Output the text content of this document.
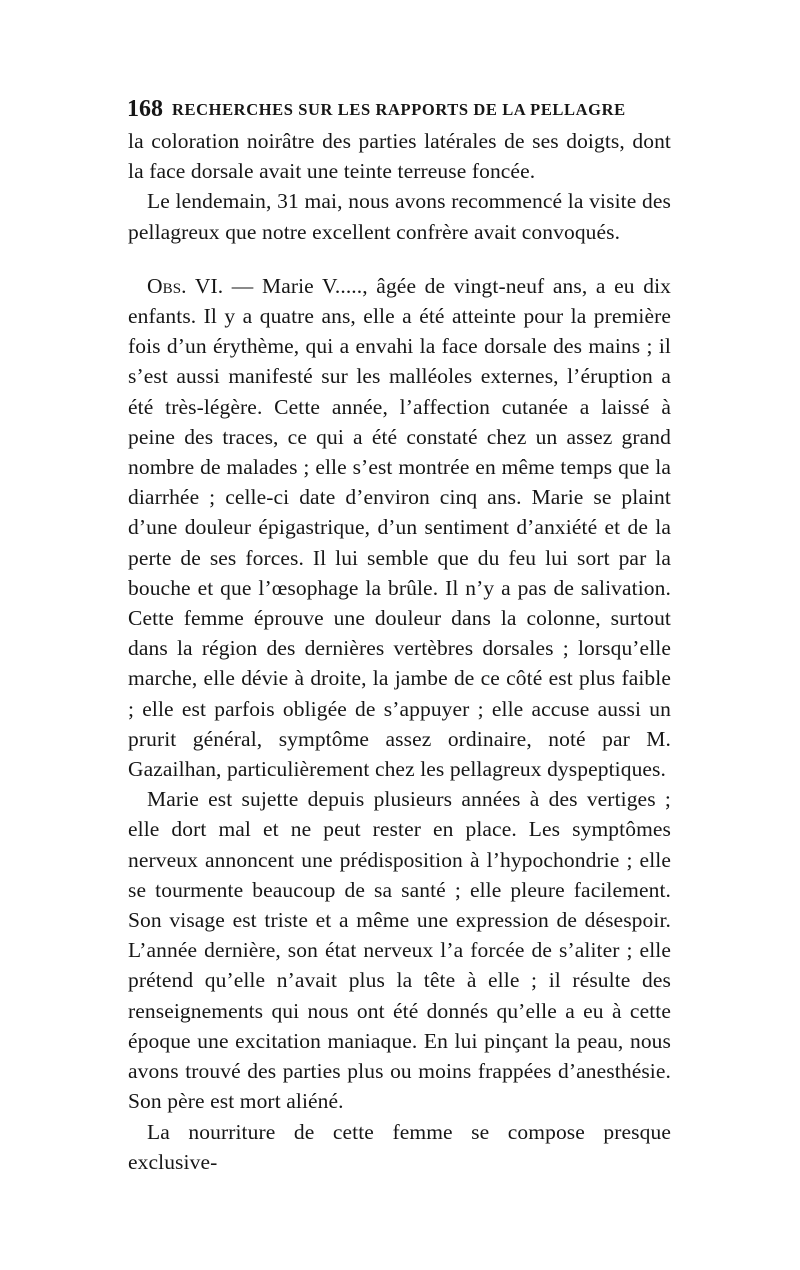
168 RECHERCHES SUR LES RAPPORTS DE LA PELLAGRE

la coloration noirâtre des parties latérales de ses doigts, dont la face dorsale avait une teinte terreuse foncée.

Le lendemain, 31 mai, nous avons recommencé la visite des pellagreux que notre excellent confrère avait convoqués.

Obs. VI. — Marie V....., âgée de vingt-neuf ans, a eu dix enfants. Il y a quatre ans, elle a été atteinte pour la première fois d’un érythème, qui a envahi la face dorsale des mains ; il s’est aussi manifesté sur les malléoles externes, l’éruption a été très-légère. Cette année, l’affection cutanée a laissé à peine des traces, ce qui a été constaté chez un assez grand nombre de malades ; elle s’est montrée en même temps que la diarrhée ; celle-ci date d’environ cinq ans. Marie se plaint d’une douleur épigastrique, d’un sentiment d’anxiété et de la perte de ses forces. Il lui semble que du feu lui sort par la bouche et que l’œsophage la brûle. Il n’y a pas de salivation. Cette femme éprouve une douleur dans la colonne, surtout dans la région des dernières vertèbres dorsales ; lorsqu’elle marche, elle dévie à droite, la jambe de ce côté est plus faible ; elle est parfois obligée de s’appuyer ; elle accuse aussi un prurit général, symptôme assez ordinaire, noté par M. Gazailhan, particulièrement chez les pellagreux dyspeptiques.

Marie est sujette depuis plusieurs années à des vertiges ; elle dort mal et ne peut rester en place. Les symptômes nerveux annoncent une prédisposition à l’hypochondrie ; elle se tourmente beaucoup de sa santé ; elle pleure facilement. Son visage est triste et a même une expression de désespoir. L’année dernière, son état nerveux l’a forcée de s’aliter ; elle prétend qu’elle n’avait plus la tête à elle ; il résulte des renseignements qui nous ont été donnés qu’elle a eu à cette époque une excitation maniaque. En lui pinçant la peau, nous avons trouvé des parties plus ou moins frappées d’anesthésie. Son père est mort aliéné.

La nourriture de cette femme se compose presque exclusive-
